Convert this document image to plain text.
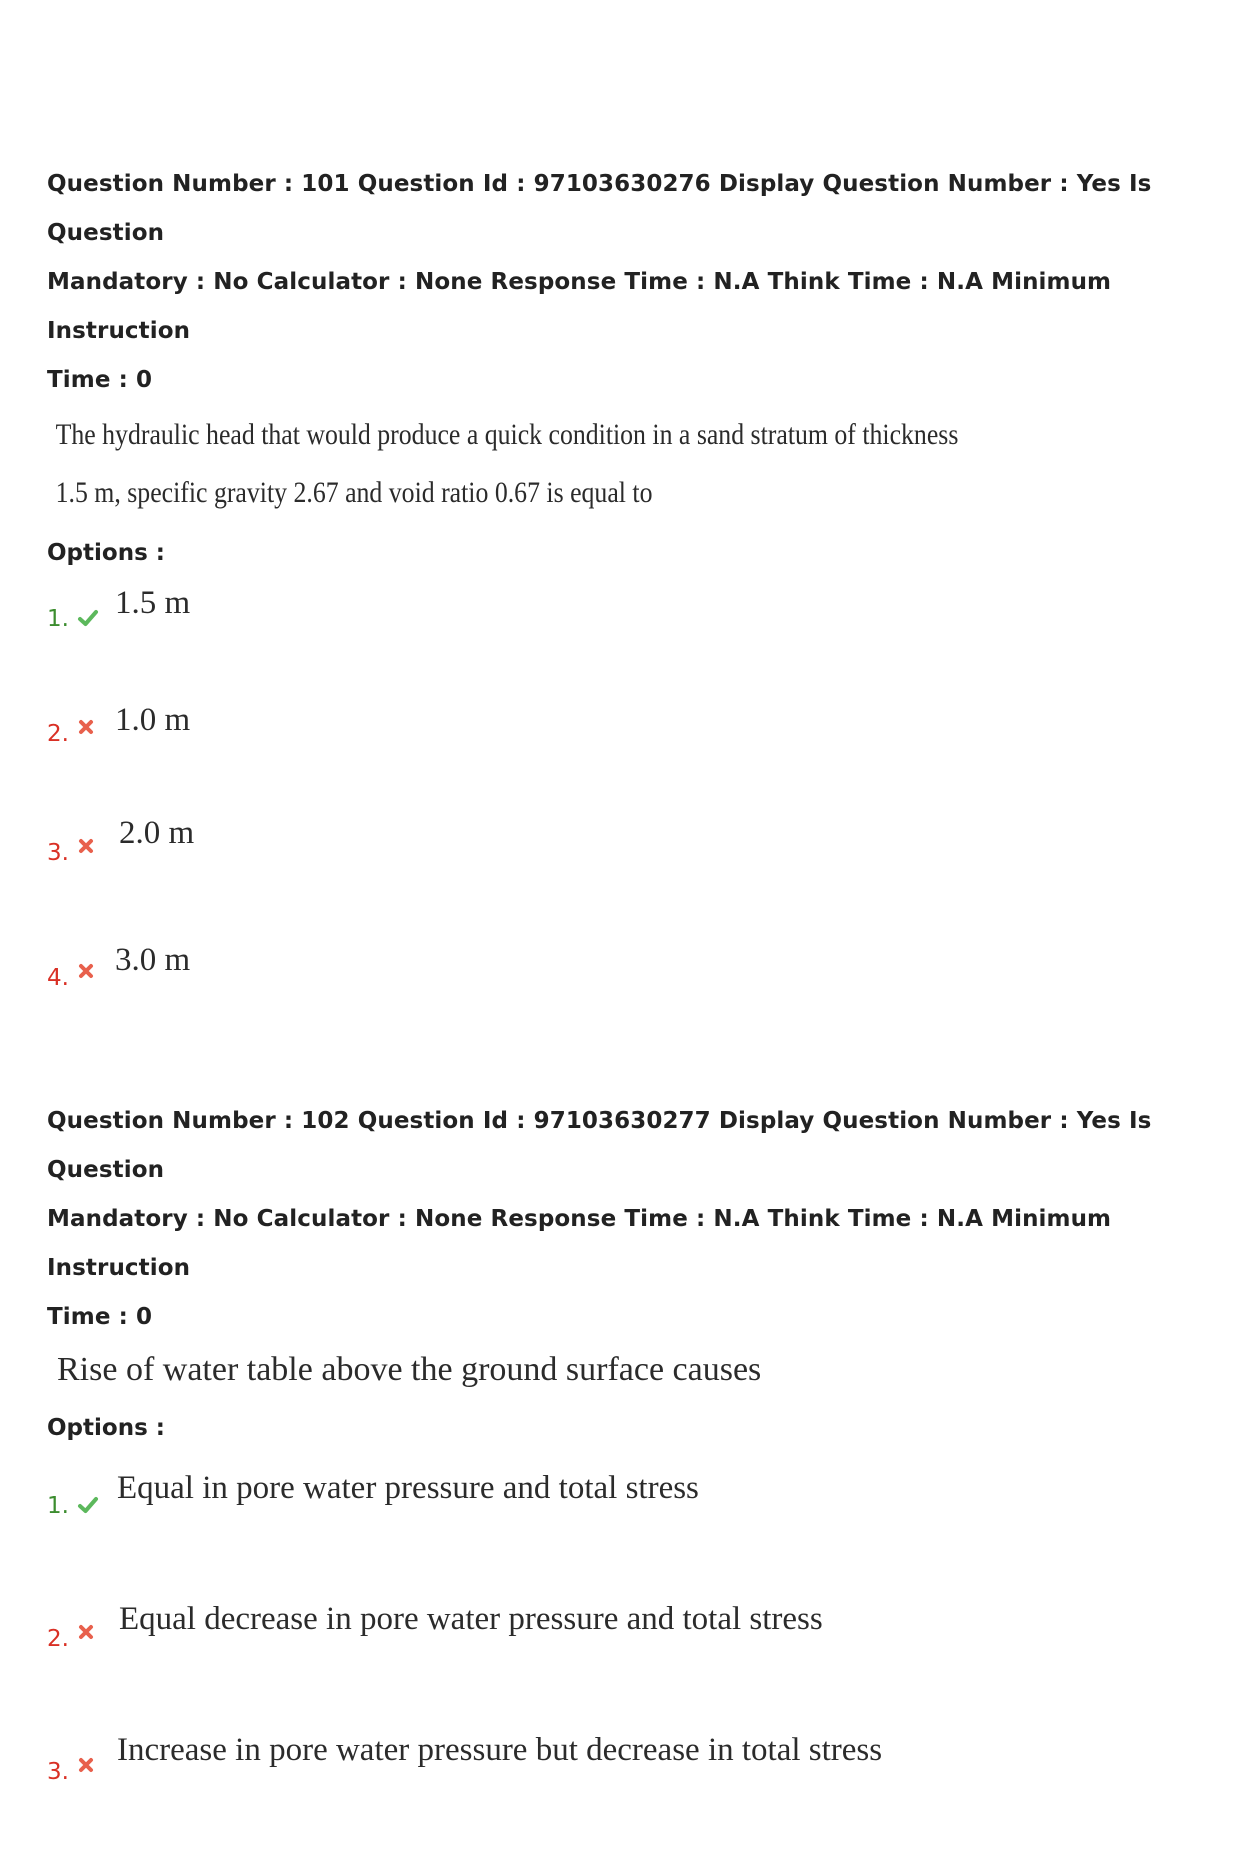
Question Number : 101 Question Id : 97103630276 Display Question Number : Yes Is Question

Mandatory : No Calculator : None Response Time : N.A Think Time : N.A Minimum Instruction

Time : 0

The hydraulic head that would produce a quick condition in a sand stratum of thickness

1.5 m, specific gravity 2.67 and void ratio 0.67 is equal to

Options :

1. 1.5 m
2. 1.0 m
3.
2.0 m
4. 3.0 m

Question Number : 102 Question Id : 97103630277 Display Question Number : Yes Is Question

Mandatory : No Calculator : None Response Time : N.A Think Time : N.A Minimum Instruction

Time : 0

Rise of water table above the ground surface causes

Options :

1. Equal in pore water pressure and total stress
2.
Equal decrease in pore water pressure and total stress
3.
Increase in pore water pressure but decrease in total stress
